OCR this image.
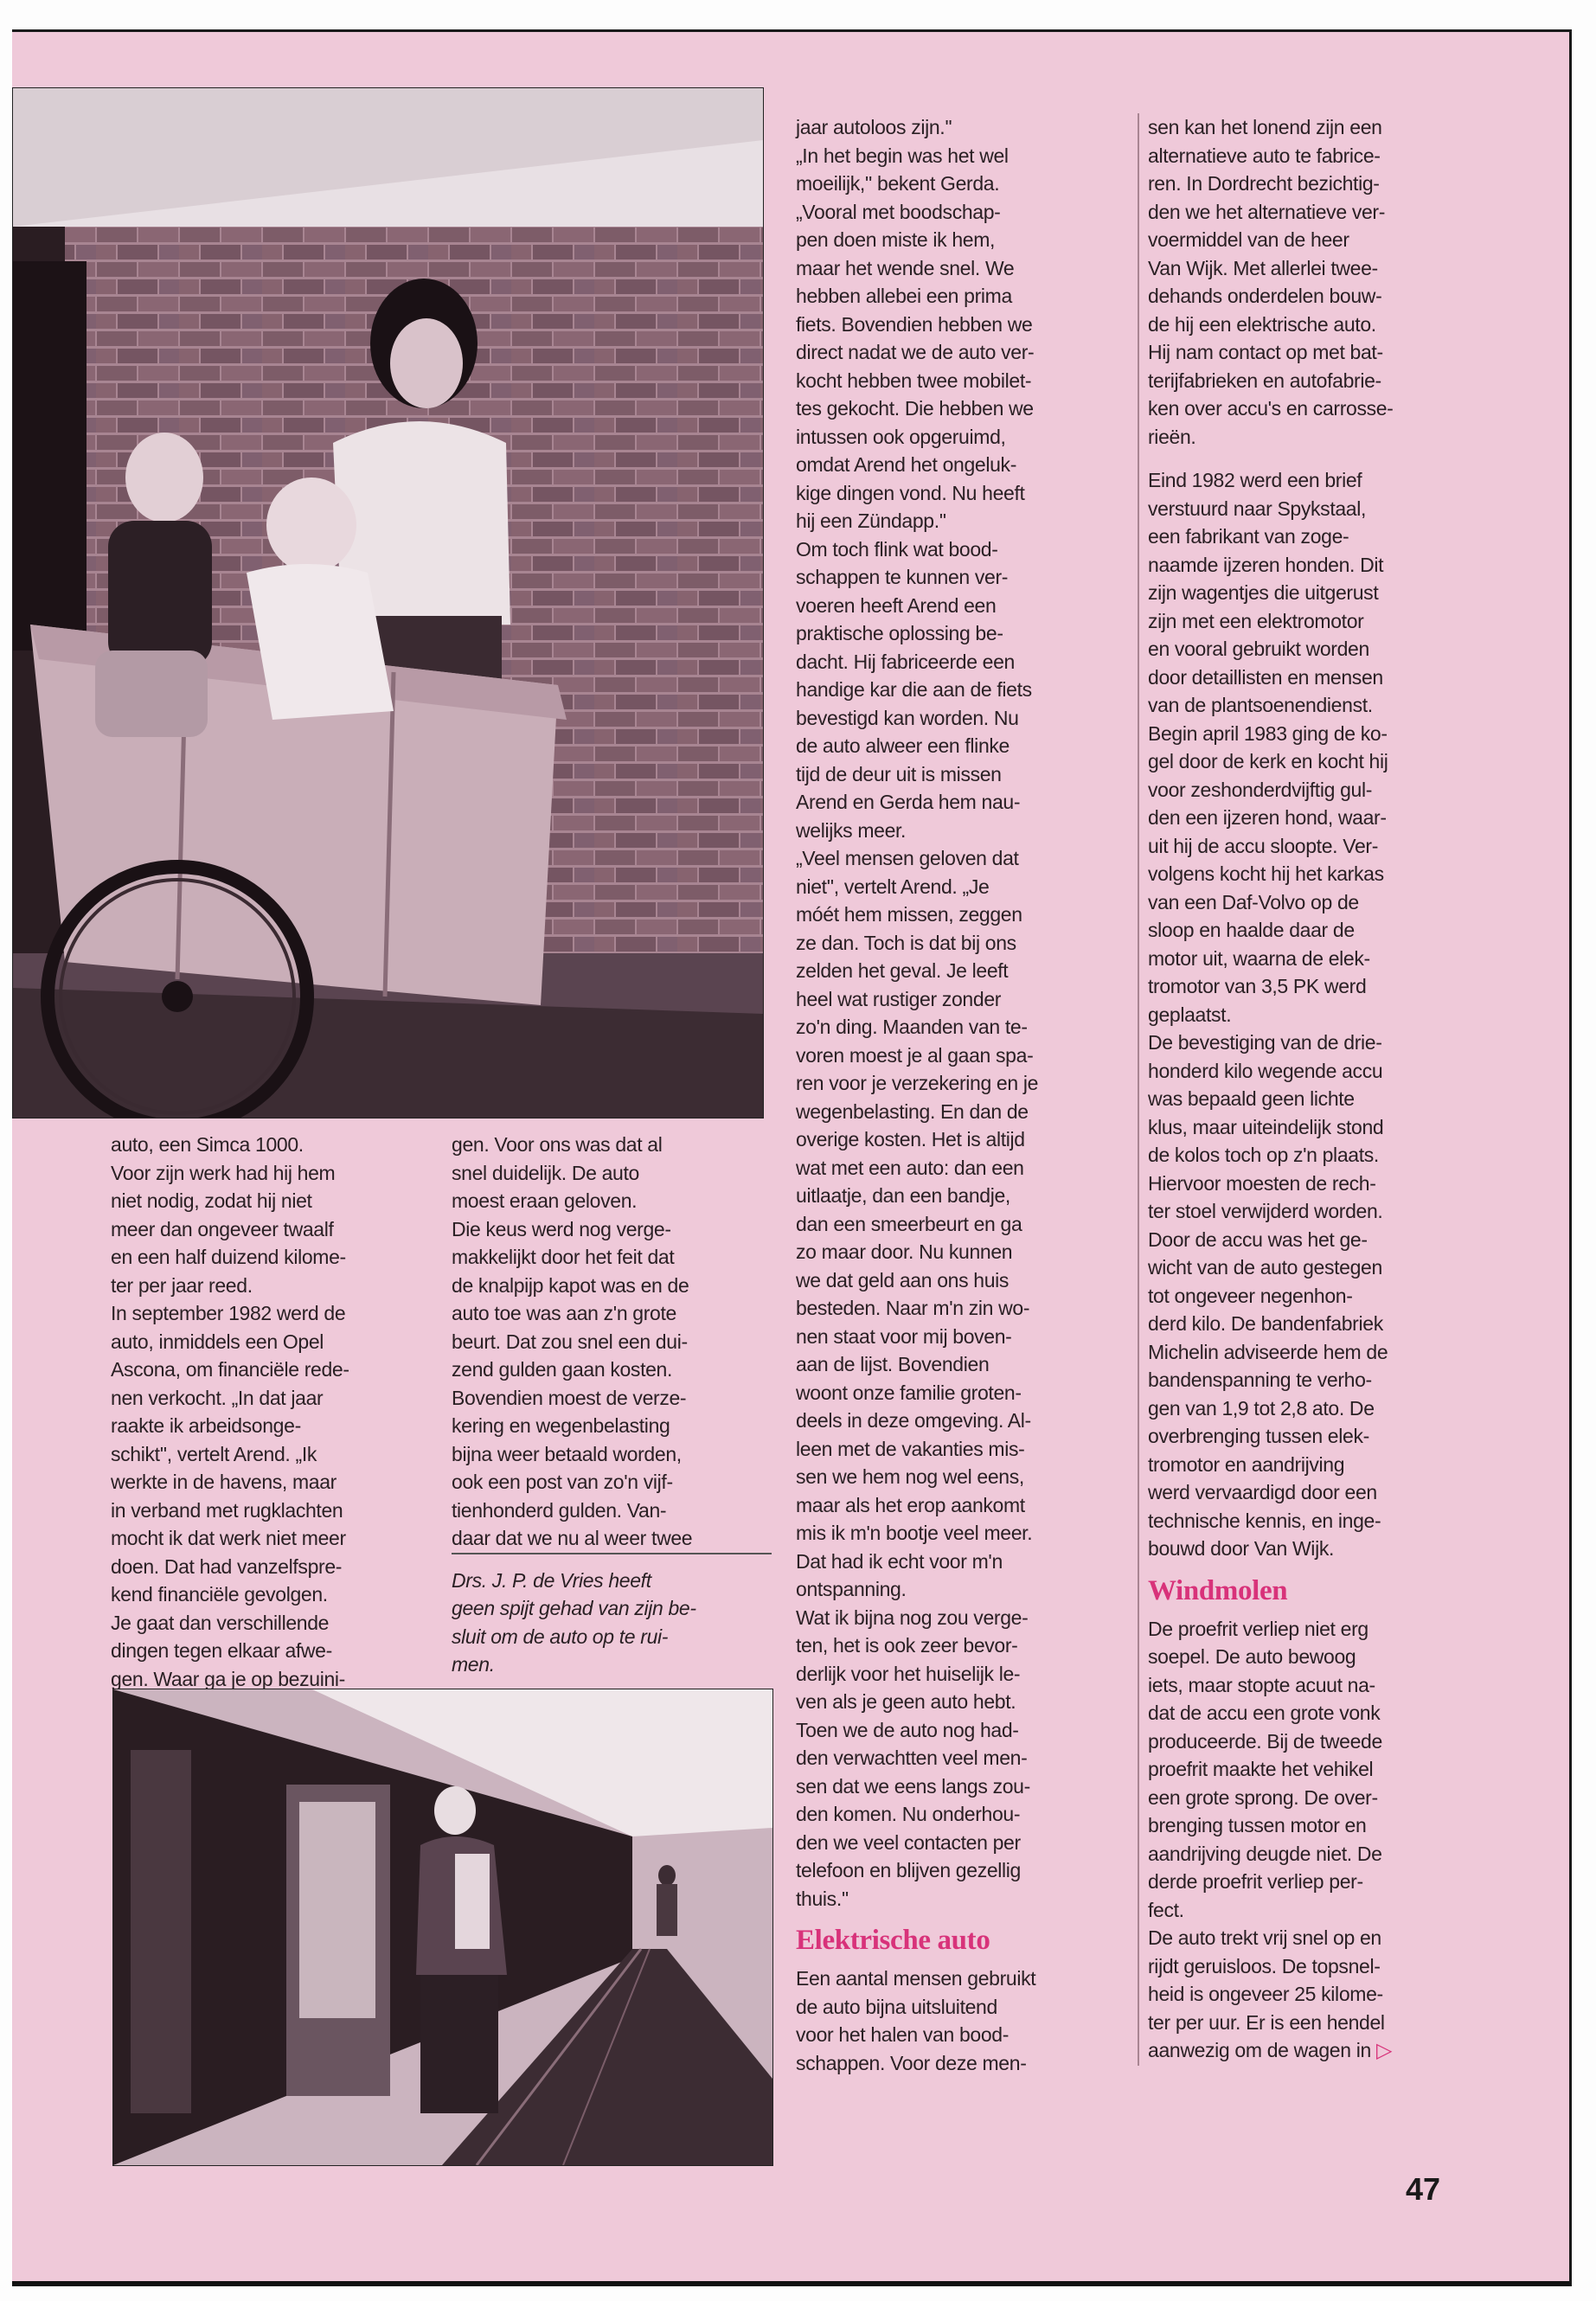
auto, een Simca 1000.
Voor zijn werk had hij hem
niet nodig, zodat hij niet
meer dan ongeveer twaalf
en een half duizend kilome-
ter per jaar reed.

In september 1982 werd de
auto, inmiddels een Opel
Ascona, om financiële rede-
nen verkocht. „In dat jaar
raakte ik arbeidsonge-
schikt'', vertelt Arend. „Ik
werkte in de havens, maar
in verband met rugklachten
mocht ik dat werk niet meer
doen. Dat had vanzelfspre-
kend financiële gevolgen.
Je gaat dan verschillende
dingen tegen elkaar afwe-
gen. Waar ga je op bezuini-

gen. Voor ons was dat al
snel duidelijk. De auto
moest eraan geloven.

Die keus werd nog verge-
makkelijkt door het feit dat
de knalpijp kapot was en de
auto toe was aan z'n grote
beurt. Dat zou snel een dui-
zend gulden gaan kosten.
Bovendien moest de verze-
kering en wegenbelasting
bijna weer betaald worden,
ook een post van zo'n vijf-
tienhonderd gulden. Van-
daar dat we nu al weer twee

Drs. J. P. de Vries heeft
geen spijt gehad van zijn be-
sluit om de auto op te rui-
men.

jaar autoloos zijn.''
„In het begin was het wel
moeilijk,'' bekent Gerda.
„Vooral met boodschap-
pen doen miste ik hem,
maar het wende snel. We
hebben allebei een prima
fiets. Bovendien hebben we
direct nadat we de auto ver-
kocht hebben twee mobilet-
tes gekocht. Die hebben we
intussen ook opgeruimd,
omdat Arend het ongeluk-
kige dingen vond. Nu heeft
hij een Zündapp.''

Om toch flink wat bood-
schappen te kunnen ver-
voeren heeft Arend een
praktische oplossing be-
dacht. Hij fabriceerde een
handige kar die aan de fiets
bevestigd kan worden. Nu
de auto alweer een flinke
tijd de deur uit is missen
Arend en Gerda hem nau-
welijks meer.

„Veel mensen geloven dat
niet'', vertelt Arend. „Je
móét hem missen, zeggen
ze dan. Toch is dat bij ons
zelden het geval. Je leeft
heel wat rustiger zonder
zo'n ding. Maanden van te-
voren moest je al gaan spa-
ren voor je verzekering en je
wegenbelasting. En dan de
overige kosten. Het is altijd
wat met een auto: dan een
uitlaatje, dan een bandje,
dan een smeerbeurt en ga
zo maar door. Nu kunnen
we dat geld aan ons huis
besteden. Naar m'n zin wo-
nen staat voor mij boven-
aan de lijst. Bovendien
woont onze familie groten-
deels in deze omgeving. Al-
leen met de vakanties mis-
sen we hem nog wel eens,
maar als het erop aankomt
mis ik m'n bootje veel meer.
Dat had ik echt voor m'n
ontspanning.

Wat ik bijna nog zou verge-
ten, het is ook zeer bevor-
derlijk voor het huiselijk le-
ven als je geen auto hebt.
Toen we de auto nog had-
den verwachtten veel men-
sen dat we eens langs zou-
den komen. Nu onderhou-
den we veel contacten per
telefoon en blijven gezellig
thuis.''

Elektrische auto

Een aantal mensen gebruikt
de auto bijna uitsluitend
voor het halen van bood-
schappen. Voor deze men-

sen kan het lonend zijn een
alternatieve auto te fabrice-
ren. In Dordrecht bezichtig-
den we het alternatieve ver-
voermiddel van de heer
Van Wijk. Met allerlei twee-
dehands onderdelen bouw-
de hij een elektrische auto.
Hij nam contact op met bat-
terijfabrieken en autofabrie-
ken over accu's en carrosse-
rieën.

Eind 1982 werd een brief
verstuurd naar Spykstaal,
een fabrikant van zoge-
naamde ijzeren honden. Dit
zijn wagentjes die uitgerust
zijn met een elektromotor
en vooral gebruikt worden
door detaillisten en mensen
van de plantsoenendienst.
Begin april 1983 ging de ko-
gel door de kerk en kocht hij
voor zeshonderdvijftig gul-
den een ijzeren hond, waar-
uit hij de accu sloopte. Ver-
volgens kocht hij het karkas
van een Daf-Volvo op de
sloop en haalde daar de
motor uit, waarna de elek-
tromotor van 3,5 PK werd
geplaatst.

De bevestiging van de drie-
honderd kilo wegende accu
was bepaald geen lichte
klus, maar uiteindelijk stond
de kolos toch op z'n plaats.
Hiervoor moesten de rech-
ter stoel verwijderd worden.
Door de accu was het ge-
wicht van de auto gestegen
tot ongeveer negenhon-
derd kilo. De bandenfabriek
Michelin adviseerde hem de
bandenspanning te verho-
gen van 1,9 tot 2,8 ato. De
overbrenging tussen elek-
tromotor en aandrijving
werd vervaardigd door een
technische kennis, en inge-
bouwd door Van Wijk.

Windmolen

De proefrit verliep niet erg
soepel. De auto bewoog
iets, maar stopte acuut na-
dat de accu een grote vonk
produceerde. Bij de tweede
proefrit maakte het vehikel
een grote sprong. De over-
brenging tussen motor en
aandrijving deugde niet. De
derde proefrit verliep per-
fect.

De auto trekt vrij snel op en
rijdt geruisloos. De topsnel-
heid is ongeveer 25 kilome-
ter per uur. Er is een hendel
aanwezig om de wagen in ▷

47
